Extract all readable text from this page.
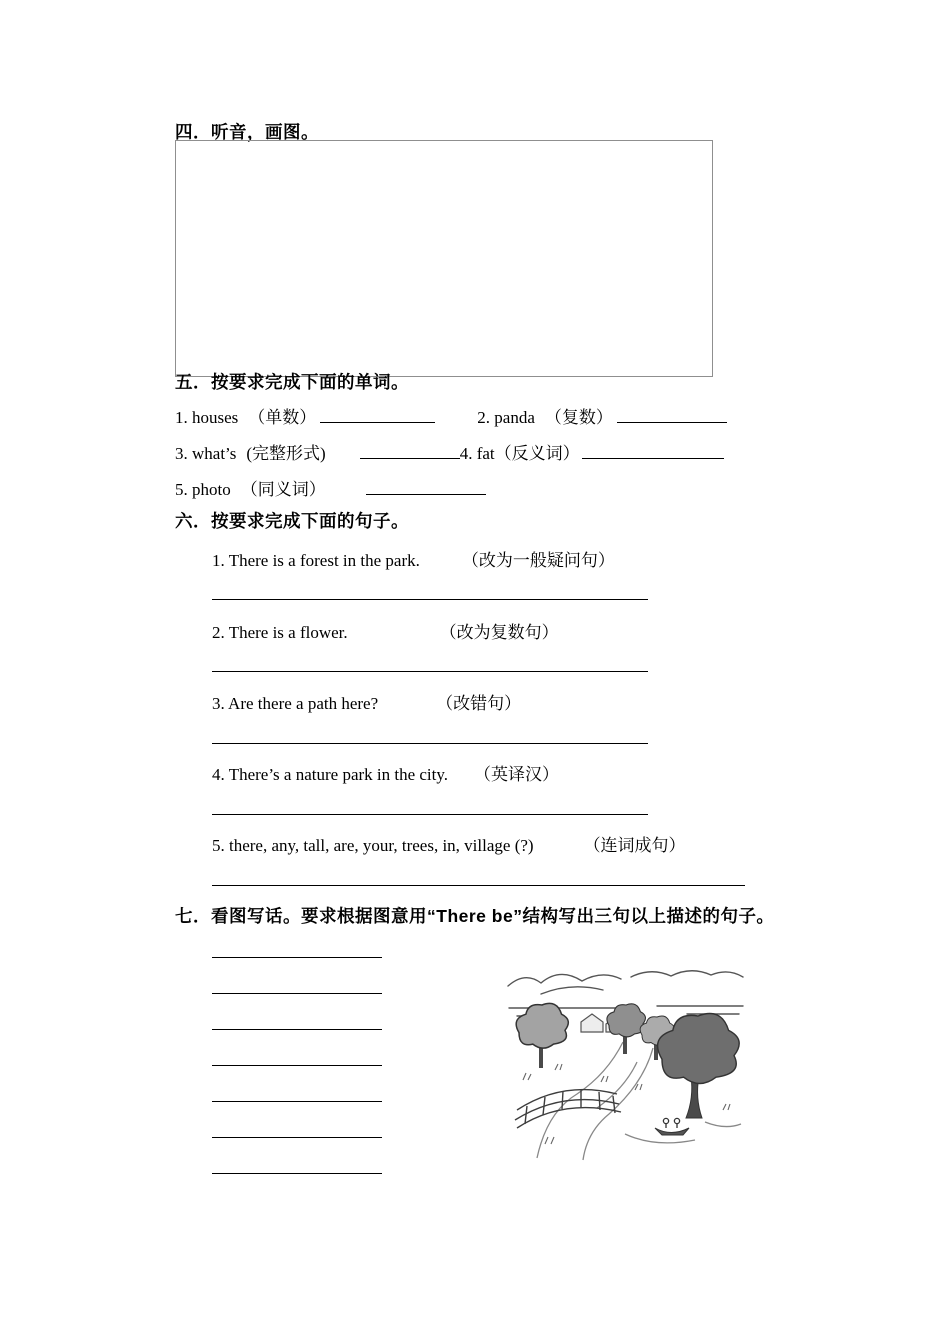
四．听音，画图。
五．按要求完成下面的单词。
1. houses （单数）	2. panda （复数）
3. what’s (完整形式)	4. fat（反义词）
5. photo （同义词）
六．按要求完成下面的句子。
1. There is a forest in the park. （改为一般疑问句）
2. There is a flower.	（改为复数句）
3. Are there a path here?	（改错句）
4. There’s a nature park in the city. （英译汉）
5. there, any, tall, are, your, trees, in, village (?)	（连词成句）
七．看图写话。要求根据图意用“There be”结构写出三句以上描述的句子。
